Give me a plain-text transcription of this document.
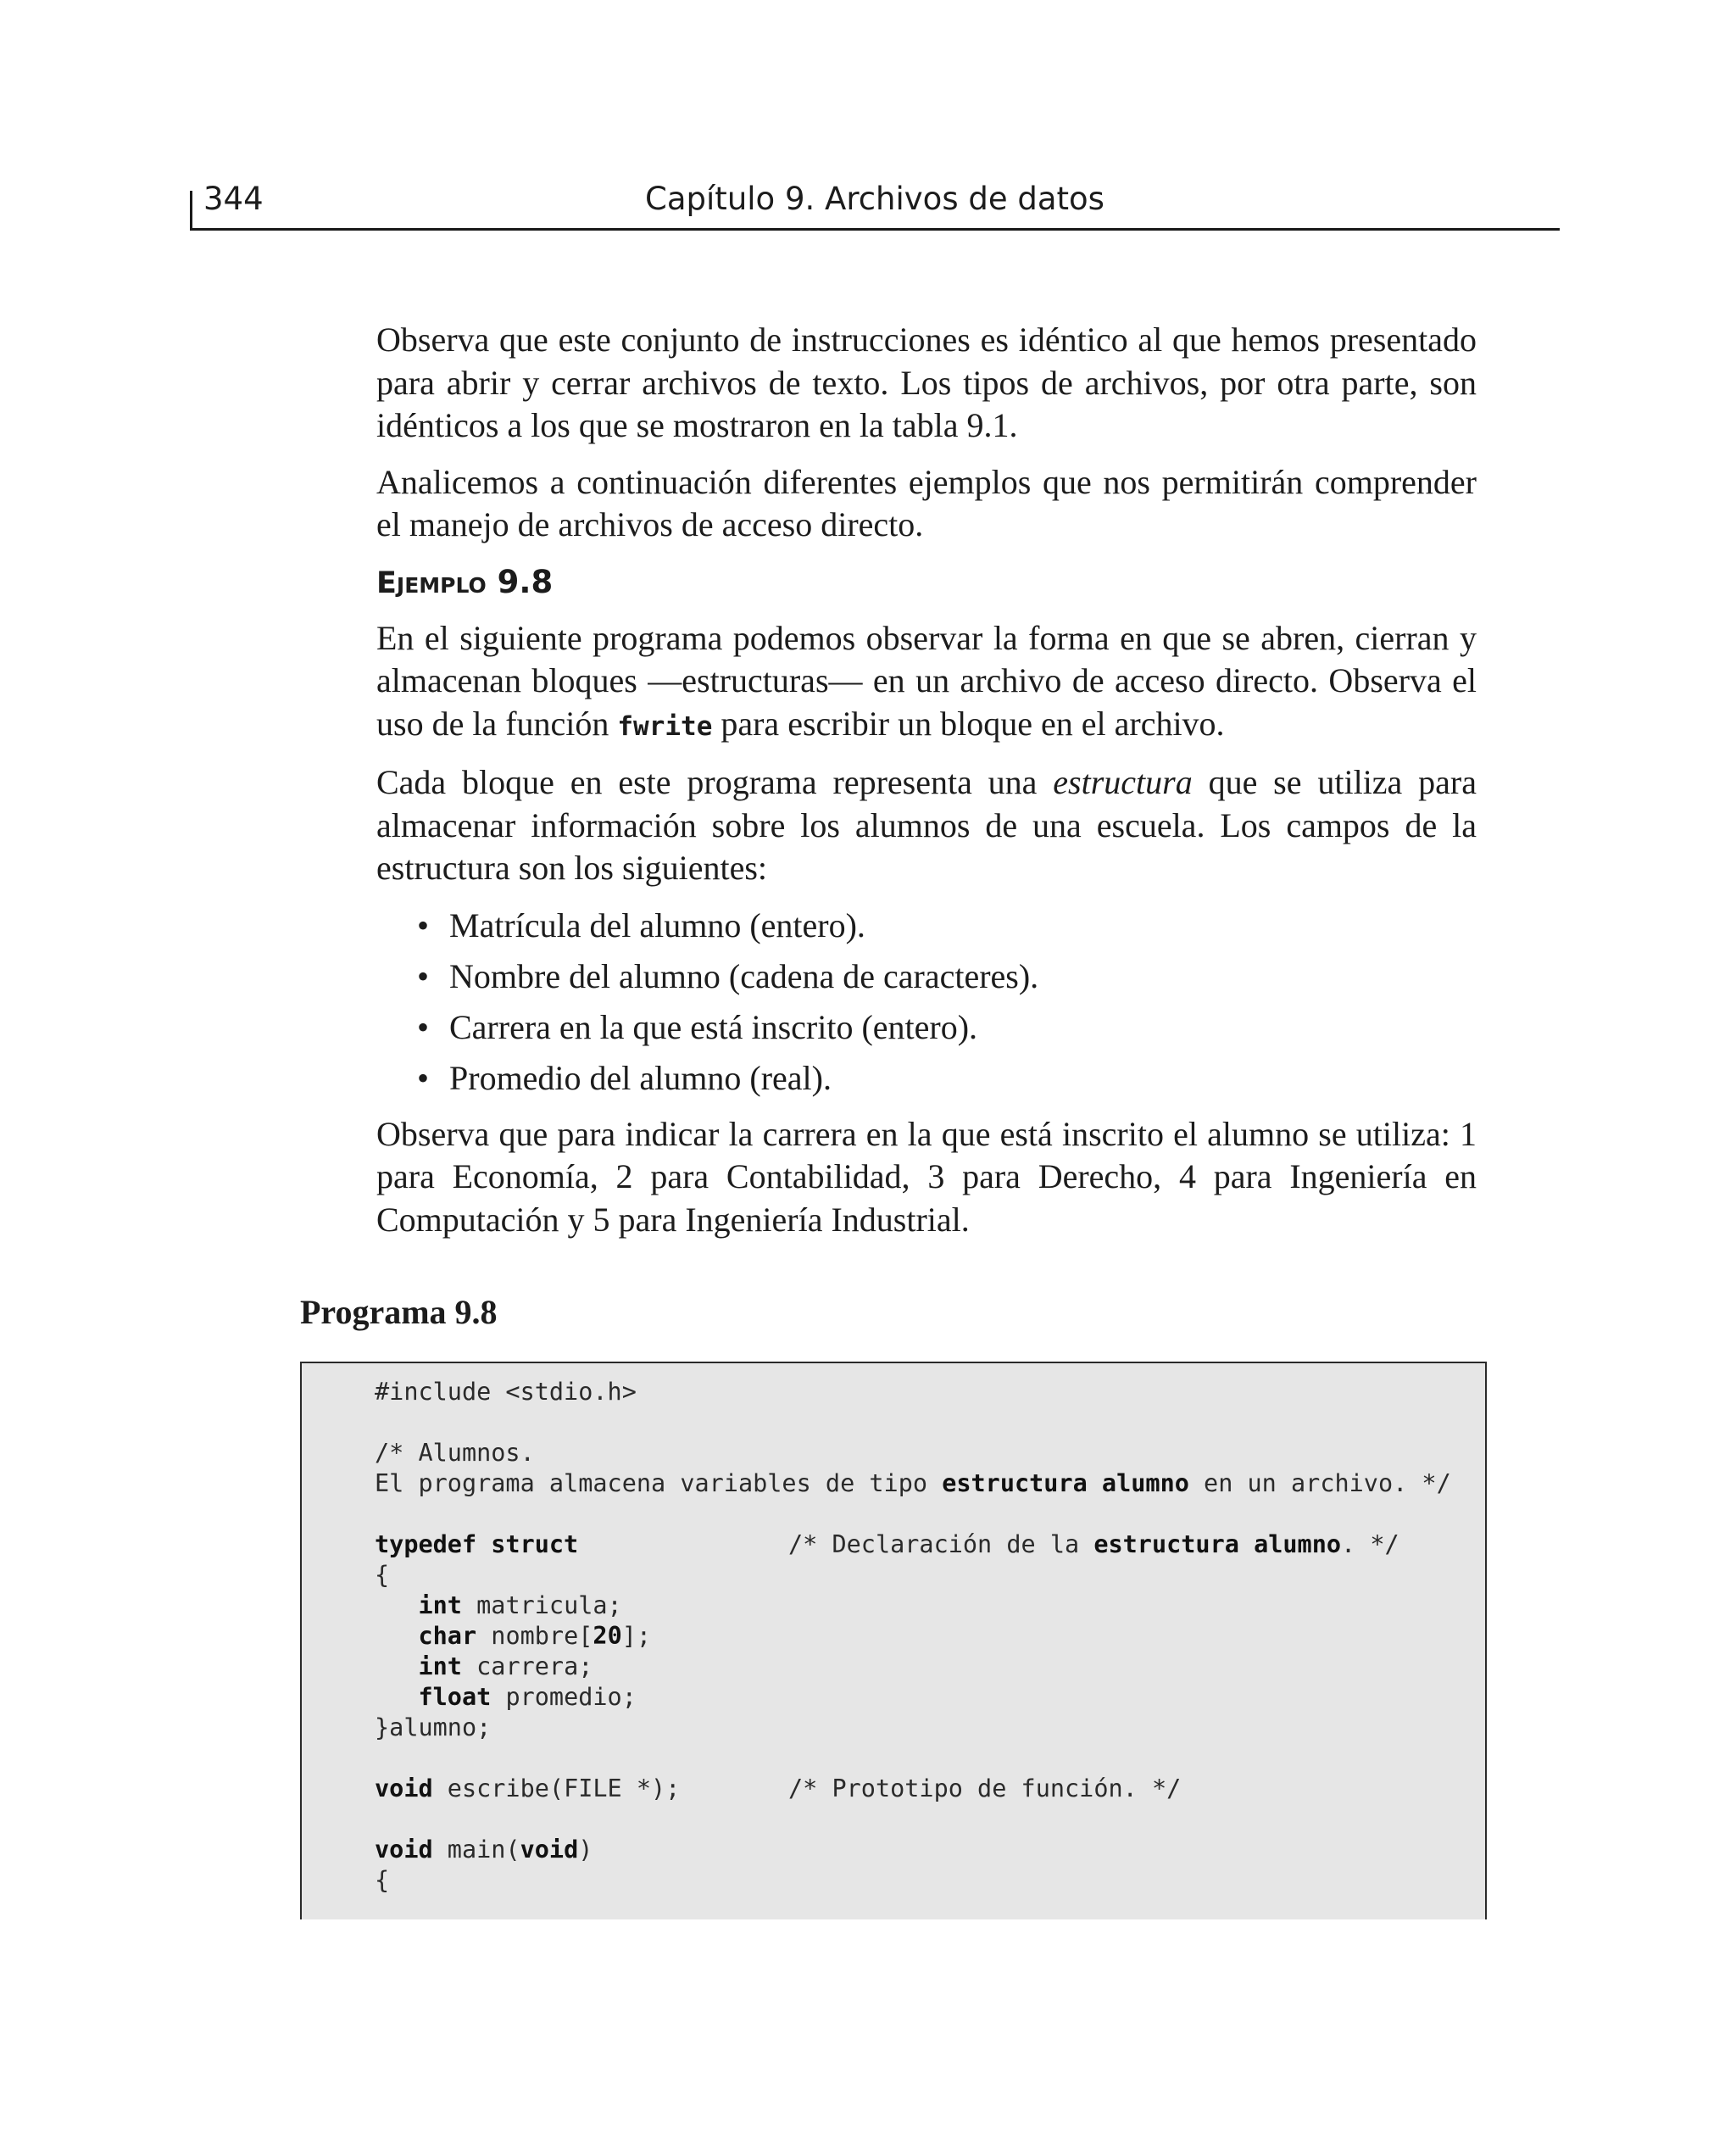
344	Capítulo 9. Archivos de datos

Observa que este conjunto de instrucciones es idéntico al que hemos presentado para abrir y cerrar archivos de texto. Los tipos de archivos, por otra parte, son idénticos a los que se mostraron en la tabla 9.1.

Analicemos a continuación diferentes ejemplos que nos permitirán comprender el manejo de archivos de acceso directo.

Ejemplo 9.8

En el siguiente programa podemos observar la forma en que se abren, cierran y almacenan bloques —estructuras— en un archivo de acceso directo. Observa el uso de la función fwrite para escribir un bloque en el archivo.

Cada bloque en este programa representa una estructura que se utiliza para almacenar información sobre los alumnos de una escuela. Los campos de la estructura son los siguientes:

• Matrícula del alumno (entero).
• Nombre del alumno (cadena de caracteres).
• Carrera en la que está inscrito (entero).
• Promedio del alumno (real).

Observa que para indicar la carrera en la que está inscrito el alumno se utiliza: 1 para Economía, 2 para Contabilidad, 3 para Derecho, 4 para Ingeniería en Computación y 5 para Ingeniería Industrial.

Programa 9.8
#include <stdio.h>
/* Alumnos.
El programa almacena variables de tipo estructura alumno en un archivo. */
typedef struct	/* Declaración de la estructura alumno. */
{
int matricula;
char nombre[20];
int carrera;
float promedio;
}alumno;
void escribe(FILE *);	/* Prototipo de función. */
void main(void)
{
